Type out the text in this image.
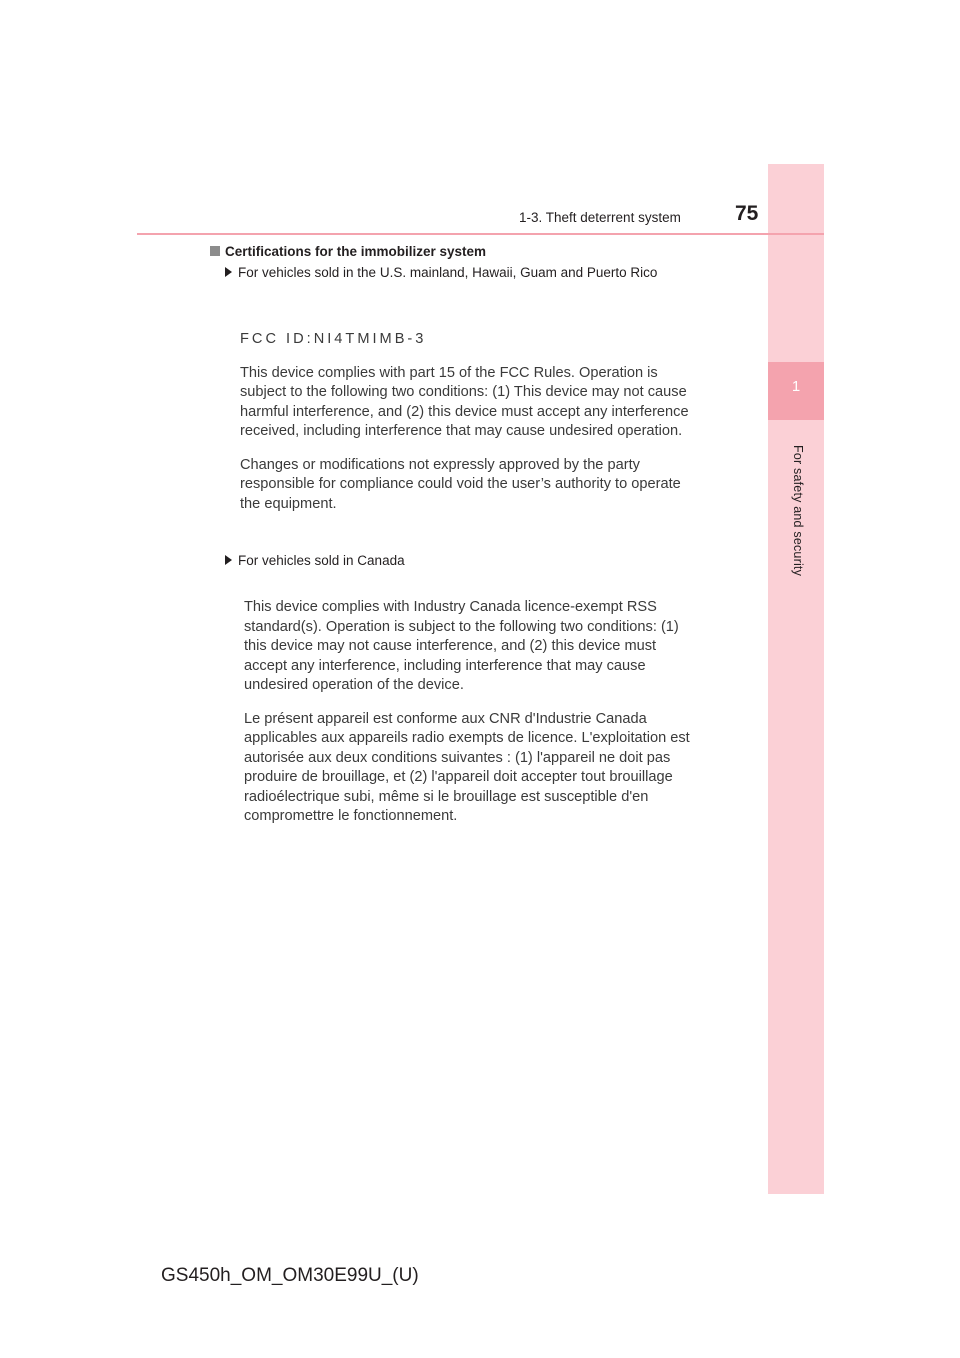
1
For safety and security
1-3. Theft deterrent system	75
Certifications for the immobilizer system
For vehicles sold in the U.S. mainland, Hawaii, Guam and Puerto Rico

FCC ID:NI4TMIMB-3

This device complies with part 15 of the FCC Rules. Operation is

subject to the following two conditions: (1) This device may not cause

harmful interference, and (2) this device must accept any interference

received, including interference that may cause undesired operation.

Changes or modifications not expressly approved by the party

responsible for compliance could void the user’s authority to operate

the equipment.

For vehicles sold in Canada

This device complies with Industry Canada licence-exempt RSS

standard(s). Operation is subject to the following two conditions: (1)

this device may not cause interference, and (2) this device must

accept any interference, including interference that may cause

undesired operation of the device.

Le présent appareil est conforme aux CNR d'Industrie Canada

applicables aux appareils radio exempts de licence. L'exploitation est

autorisée aux deux conditions suivantes : (1) l'appareil ne doit pas

produire de brouillage, et (2) l'appareil doit accepter tout brouillage

radioélectrique subi, même si le brouillage est susceptible d'en

compromettre le fonctionnement.

GS450h_OM_OM30E99U_(U)
